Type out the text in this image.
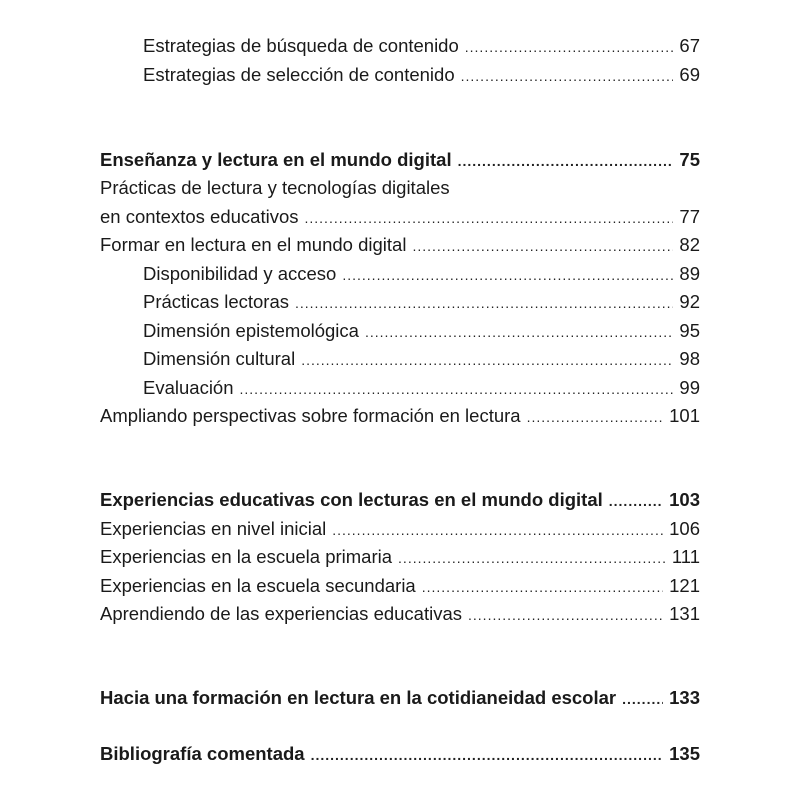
Estrategias de búsqueda de contenido .....	67
Estrategias de selección de contenido .....	69
Enseñanza y lectura en el mundo digital .....	75
Prácticas de lectura y tecnologías digitales
en contextos educativos .....	77
Formar en lectura en el mundo digital .....	82
Disponibilidad y acceso .....	89
Prácticas lectoras .....	92
Dimensión epistemológica .....	95
Dimensión cultural .....	98
Evaluación .....	99
Ampliando perspectivas sobre formación en lectura .....	101
Experiencias educativas con lecturas en el mundo digital .....	103
Experiencias en nivel inicial .....	106
Experiencias en la escuela primaria .....	111
Experiencias en la escuela secundaria .....	121
Aprendiendo de las experiencias educativas .....	131
Hacia una formación en lectura en la cotidianeidad escolar .....	133
Bibliografía comentada .....	135
